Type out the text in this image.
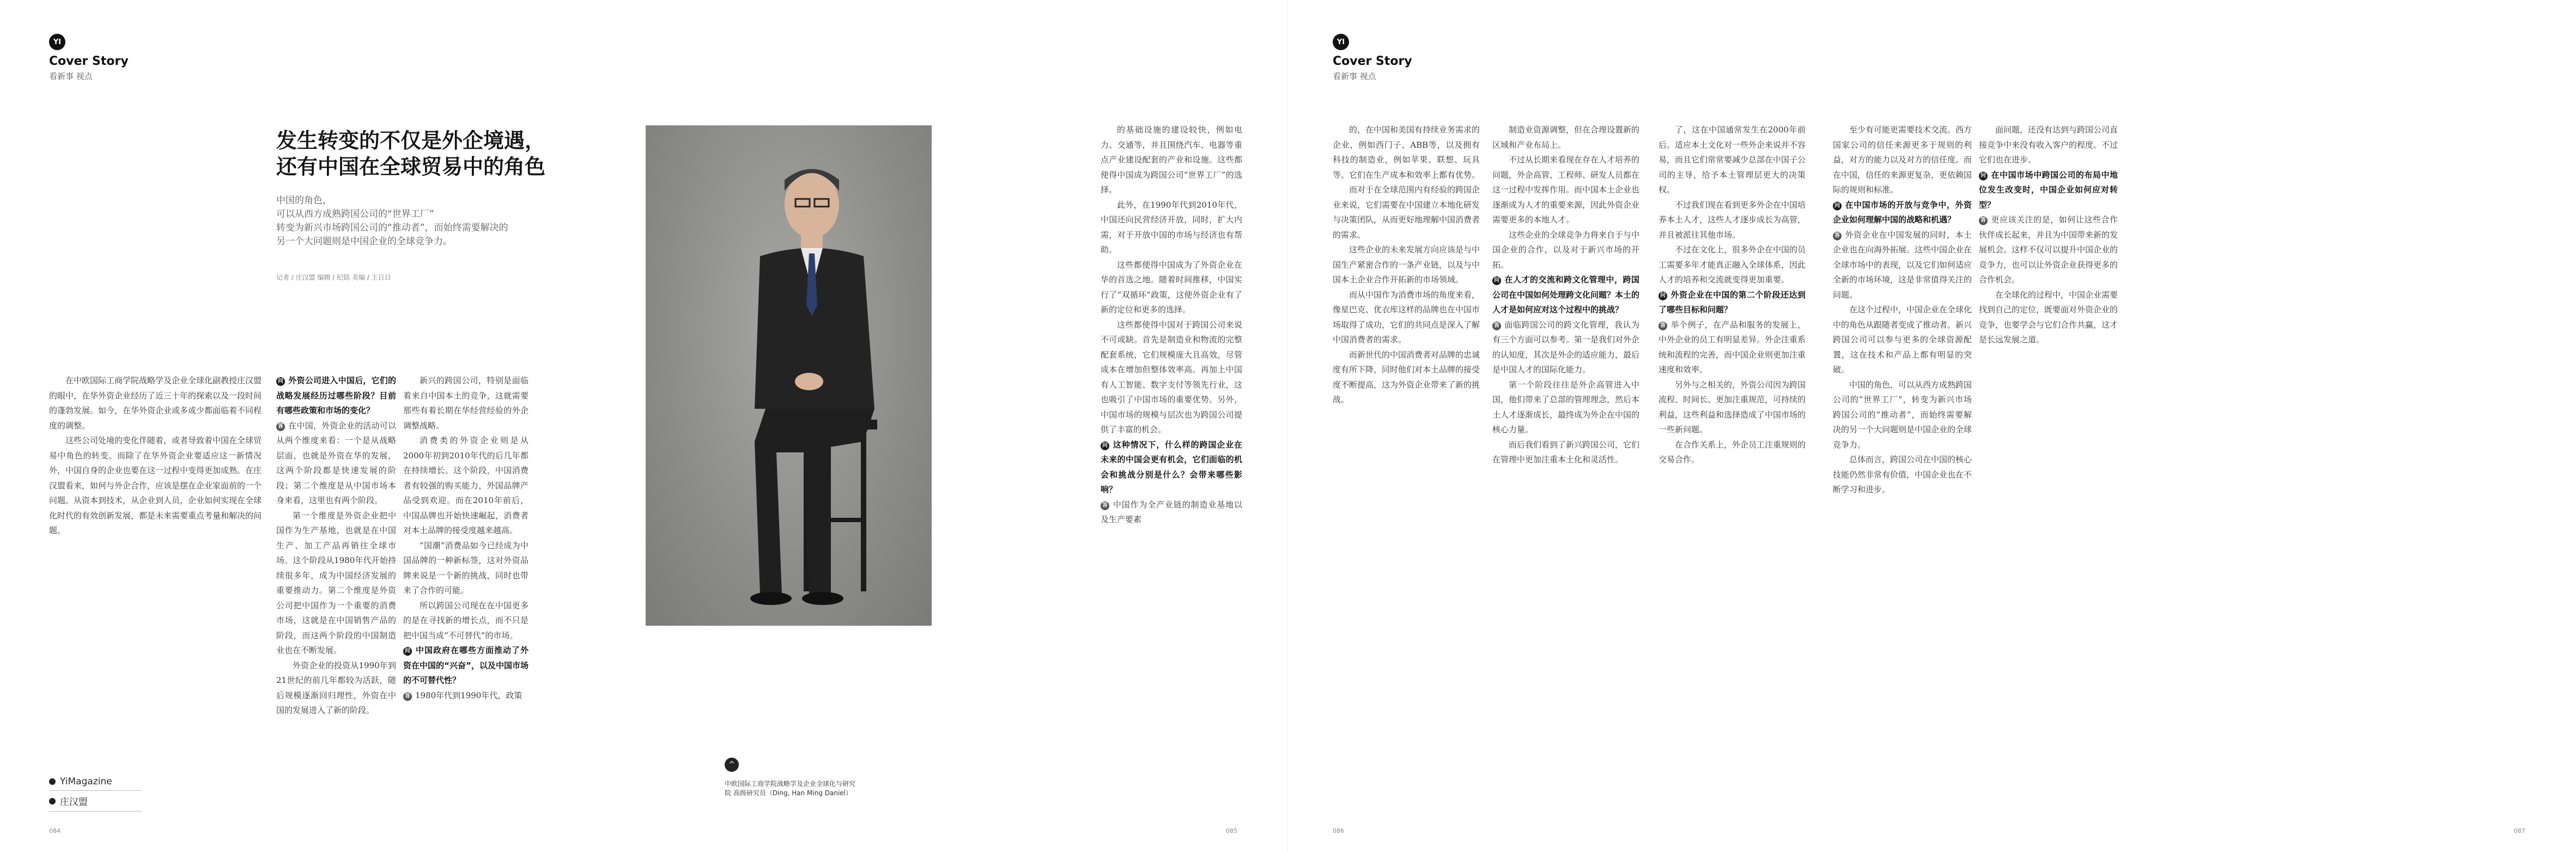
YI
Cover Story
看新事 视点
发生转变的不仅是外企境遇，
还有中国在全球贸易中的角色
中国的角色，
可以从西方成熟跨国公司的“世界工厂”
转变为新兴市场跨国公司的“推动者”，而始终需要解决的
另一个大问题则是中国企业的全球竞争力。
记者 / 庄汉盟 编辑 / 纪铭 美编 / 王日日
^
中欧国际工商学院战略学及企业全球化与研究院 高级研究员（Ding, Han Ming Daniel）

在中欧国际工商学院战略学及企业全球化副教授庄汉盟的眼中，在华外资企业经历了近三十年的探索以及一段时间的蓬勃发展。如今，在华外资企业或多或少都面临着不同程度的调整。

这些公司处境的变化伴随着，或者导致着中国在全球贸易中角色的转变。而除了在华外资企业要适应这一新情况外，中国自身的企业也要在这一过程中变得更加成熟。在庄汉盟看来，如何与外企合作，应该是摆在企业家面前的一个问题。从资本到技术，从企业到人员，企业如何实现在全球化时代的有效创新发展，都是未来需要重点考量和解决的问题。

问 外资公司进入中国后，它们的战略发展经历过哪些阶段？目前有哪些政策和市场的变化？

答 在中国，外资企业的活动可以从两个维度来看：一个是从战略层面，也就是外资在华的发展，这两个阶段都是快速发展的阶段；第二个维度是从中国市场本身来看，这里也有两个阶段。

第一个维度是外资企业把中国作为生产基地，也就是在中国生产、加工产品再销往全球市场。这个阶段从1980年代开始持续很多年，成为中国经济发展的重要推动力。第二个维度是外资公司把中国作为一个重要的消费市场，这就是在中国销售产品的阶段，而这两个阶段的中国制造业也在不断发展。

外资企业的投资从1990年到21世纪的前几年都较为活跃，随后规模逐渐回归理性，外资在中国的发展进入了新的阶段。

新兴的跨国公司，特别是面临着来自中国本土的竞争，这就需要那些有着长期在华经营经验的外企调整战略。

消费类的外资企业则是从2000年初到2010年代的后几年都在持续增长。这个阶段，中国消费者有较强的购买能力，外国品牌产品受到欢迎。而在2010年前后，中国品牌也开始快速崛起，消费者对本土品牌的接受度越来越高。

“国潮”消费品如今已经成为中国品牌的一种新标签，这对外资品牌来说是一个新的挑战，同时也带来了合作的可能。

所以跨国公司现在在中国更多的是在寻找新的增长点，而不只是把中国当成“不可替代”的市场。

问 中国政府在哪些方面推动了外资在中国的“兴奋”，以及中国市场的不可替代性？

答 1980年代到1990年代，政策

的基础设施的建设较快，例如电力、交通等，并且围绕汽车、电器等重点产业建设配套的产业和设施。这些都使得中国成为跨国公司“世界工厂”的选择。

此外，在1990年代到2010年代，中国还向民营经济开放，同时，扩大内需，对于开放中国的市场与经济也有帮助。

这些都使得中国成为了外资企业在华的首选之地。随着时间推移，中国实行了“双循环”政策，这使外资企业有了新的定位和更多的选择。

这些都使得中国对于跨国公司来说不可或缺。首先是制造业和物流的完整配套系统，它们规模庞大且高效，尽管成本在增加但整体效率高。再加上中国有人工智能、数字支付等领先行业，这也吸引了中国市场的重要优势。另外，中国市场的规模与层次也为跨国公司提供了丰富的机会。

问 这种情况下，什么样的跨国企业在未来的中国会更有机会，它们面临的机会和挑战分别是什么？会带来哪些影响？

答 中国作为全产业链的制造业基地以及生产要素

YiMagazine
庄汉盟
084	085
YI
Cover Story
看新事 视点

的，在中国和美国有持续业务需求的企业，例如西门子、ABB等，以及拥有科技的制造业，例如苹果、联想、玩具等。它们在生产成本和效率上都有优势。

而对于在全球范围内有经验的跨国企业来说，它们需要在中国建立本地化研发与决策团队，从而更好地理解中国消费者的需求。

这些企业的未来发展方向应该是与中国生产紧密合作的一条产业链，以及与中国本土企业合作开拓新的市场领域。

而从中国作为消费市场的角度来看，像星巴克、优衣库这样的品牌也在中国市场取得了成功，它们的共同点是深入了解中国消费者的需求。

而新世代的中国消费者对品牌的忠诚度有所下降，同时他们对本土品牌的接受度不断提高，这为外资企业带来了新的挑战。

制造业资源调整，但在合理设置新的区域和产业布局上。

不过从长期来看现在存在人才培养的问题，外企高管、工程师、研发人员都在这一过程中发挥作用。而中国本土企业也逐渐成为人才的重要来源，因此外资企业需要更多的本地人才。

这些企业的全球竞争力将来自于与中国企业的合作，以及对于新兴市场的开拓。

问 在人才的交流和跨文化管理中，跨国公司在中国如何处理跨文化问题？本土的人才是如何应对这个过程中的挑战？

答 面临跨国公司的跨文化管理，我认为有三个方面可以参考。第一是我们对外企的认知度，其次是外企的适应能力，最后是中国人才的国际化能力。

第一个阶段往往是外企高管进入中国，他们带来了总部的管理理念，然后本土人才逐渐成长，最终成为外企在中国的核心力量。

而后我们看到了新兴跨国公司，它们在管理中更加注重本土化和灵活性。

了，这在中国通常发生在2000年前后。适应本土文化对一些外企来说并不容易，而且它们常常要减少总部在中国子公司的主导，给予本土管理层更大的决策权。

不过我们现在看到更多外企在中国培养本土人才，这些人才逐步成长为高管，并且被派往其他市场。

不过在文化上，很多外企在中国的员工需要多年才能真正融入全球体系，因此人才的培养和交流就变得更加重要。

问 外资企业在中国的第二个阶段还达到了哪些目标和问题？

答 举个例子，在产品和服务的发展上，中外企业的员工有明显差异。外企注重系统和流程的完善，而中国企业则更加注重速度和效率。

另外与之相关的，外资公司因为跨国流程、时间长、更加注重规范，可持续的利益，这些利益和选择造成了中国市场的一些新问题。

在合作关系上，外企员工注重规则的交易合作。

至少有可能更需要技术交流。西方国家公司的信任来源更多于规则的利益，对方的能力以及对方的信任度。而在中国，信任的来源更复杂，更依赖国际的规则和标准。

问 在中国市场的开放与竞争中，外资企业如何理解中国的战略和机遇？

答 外资企业在中国发展的同时，本土企业也在向海外拓展。这些中国企业在全球市场中的表现，以及它们如何适应全新的市场环境，这是非常值得关注的问题。

在这个过程中，中国企业在全球化中的角色从跟随者变成了推动者。新兴跨国公司可以参与更多的全球资源配置，这在技术和产品上都有明显的突破。

中国的角色，可以从西方成熟跨国公司的“世界工厂”，转变为新兴市场跨国公司的“推动者”，而始终需要解决的另一个大问题则是中国企业的全球竞争力。

总体而言，跨国公司在中国的核心技能仍然非常有价值，中国企业也在不断学习和进步。

面问题，还没有达到与跨国公司直接竞争中来没有收入客户的程度。不过它们也在进步。

问 在中国市场中跨国公司的布局中地位发生改变时，中国企业如何应对转型？

答 更应该关注的是，如何让这些合作伙伴成长起来，并且为中国带来新的发展机会。这样不仅可以提升中国企业的竞争力，也可以让外资企业获得更多的合作机会。

在全球化的过程中，中国企业需要找到自己的定位，既要面对外资企业的竞争，也要学会与它们合作共赢，这才是长远发展之道。

086	087
